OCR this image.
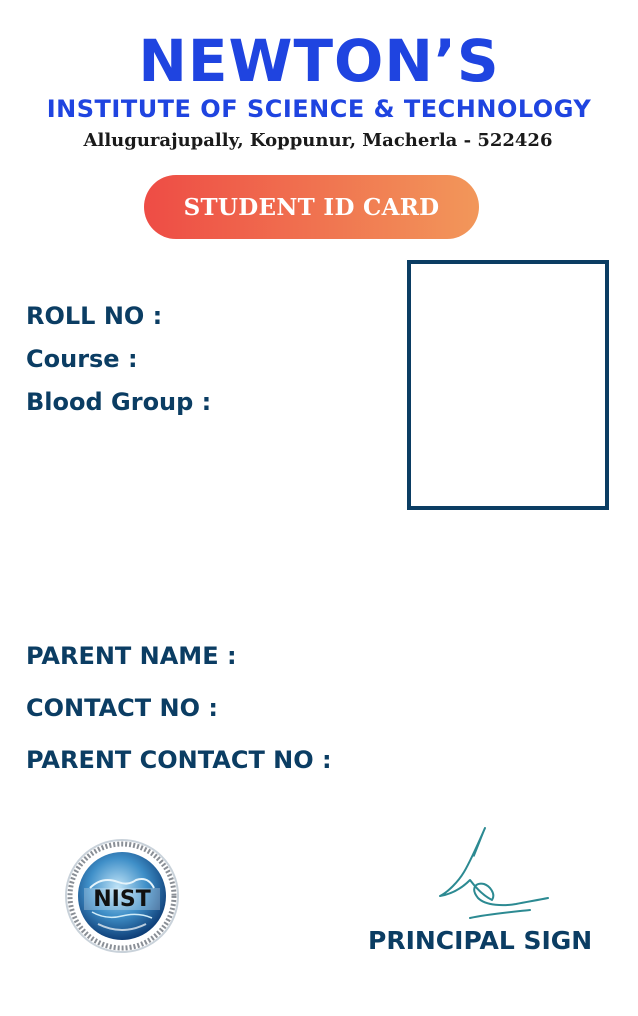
NEWTON’S
INSTITUTE OF SCIENCE & TECHNOLOGY
Allugurajupally, Koppunur, Macherla - 522426
STUDENT ID CARD
ROLL NO :
Course :
Blood Group :
PARENT NAME :
CONTACT NO :
PARENT CONTACT NO :
NIST
PRINCIPAL SIGN
